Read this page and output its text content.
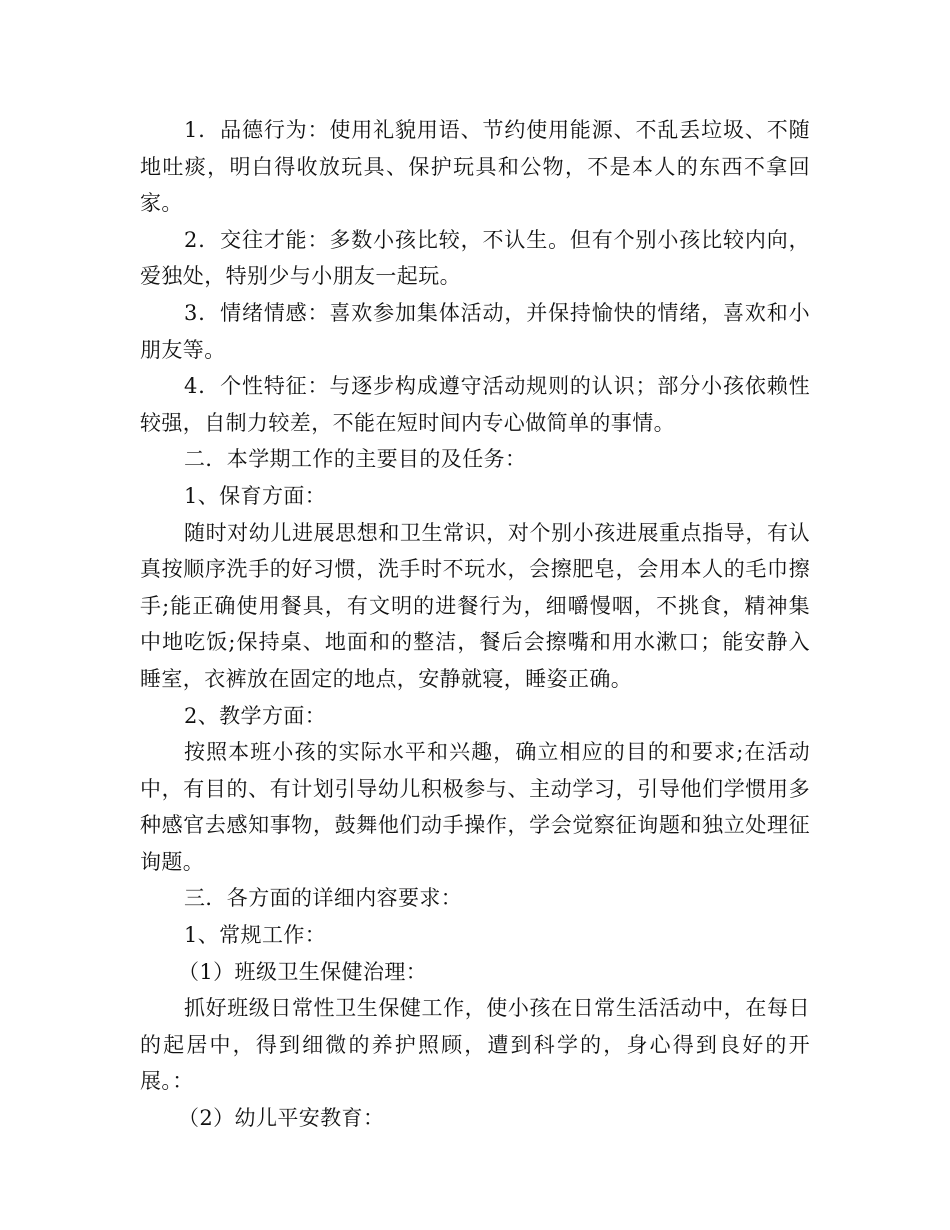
1．品德行为：使用礼貌用语、节约使用能源、不乱丢垃圾、不随地吐痰，明白得收放玩具、保护玩具和公物，不是本人的东西不拿回家。

2．交往才能：多数小孩比较，不认生。但有个别小孩比较内向，爱独处，特别少与小朋友一起玩。

3．情绪情感：喜欢参加集体活动，并保持愉快的情绪，喜欢和小朋友等。

4．个性特征：与逐步构成遵守活动规则的认识；部分小孩依赖性较强，自制力较差，不能在短时间内专心做简单的事情。

二．本学期工作的主要目的及任务：

1、保育方面：

随时对幼儿进展思想和卫生常识，对个别小孩进展重点指导，有认真按顺序洗手的好习惯，洗手时不玩水，会擦肥皂，会用本人的毛巾擦手;能正确使用餐具，有文明的进餐行为，细嚼慢咽，不挑食，精神集中地吃饭;保持桌、地面和的整洁，餐后会擦嘴和用水漱口；能安静入睡室，衣裤放在固定的地点，安静就寝，睡姿正确。

2、教学方面：

按照本班小孩的实际水平和兴趣，确立相应的目的和要求;在活动中，有目的、有计划引导幼儿积极参与、主动学习，引导他们学惯用多种感官去感知事物，鼓舞他们动手操作，学会觉察征询题和独立处理征询题。

三．各方面的详细内容要求：

1、常规工作：

（1）班级卫生保健治理：

抓好班级日常性卫生保健工作，使小孩在日常生活活动中，在每日的起居中，得到细微的养护照顾，遭到科学的，身心得到良好的开展。：

（2）幼儿平安教育：
